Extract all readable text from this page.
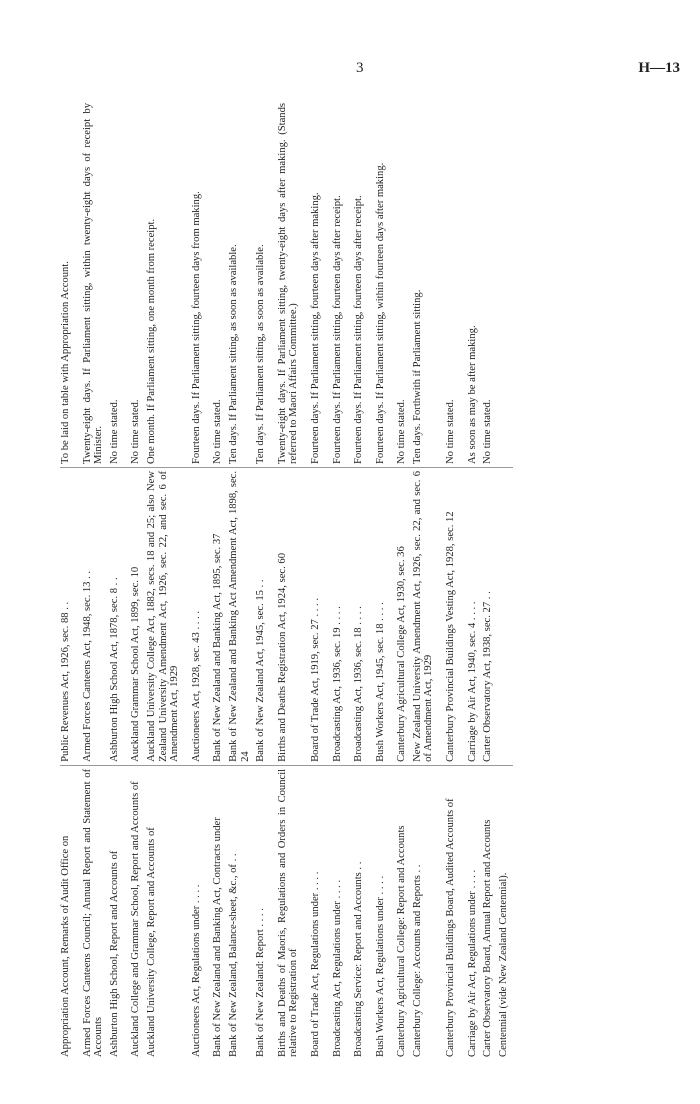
3	H—13
Appropriation Account, Remarks of Audit Office on	Public Revenues Act, 1926, sec. 88 . .	To be laid on table with Appropriation Account.
Armed Forces Canteens Council; Annual Report and Statement of Accounts	Armed Forces Canteens Act, 1948, sec. 13 . .	Twenty-eight days. If Parliament sitting, within twenty-eight days of receipt by Minister.
Ashburton High School, Report and Accounts of	Ashburton High School Act, 1878, sec. 8 . .	No time stated.
Auckland College and Grammar School, Report and Accounts of	Auckland Grammar School Act, 1899, sec. 10	No time stated.
Auckland University College, Report and Accounts of	Auckland University College Act, 1882, secs. 18 and 25; also New Zealand University Amendment Act, 1926, sec. 22, and sec. 6 of Amendment Act, 1929	One month. If Parliament sitting, one month from receipt.
Auctioneers Act, Regulations under . . . .	Auctioneers Act, 1928, sec. 43 . . . .	Fourteen days. If Parliament sitting, fourteen days from making.
Bank of New Zealand and Banking Act, Contracts under	Bank of New Zealand and Banking Act, 1895, sec. 37	No time stated.
Bank of New Zealand, Balance-sheet, &c., of . .	Bank of New Zealand and Banking Act Amendment Act, 1898, sec. 24	Ten days. If Parliament sitting, as soon as available.
Bank of New Zealand: Report . . . .	Bank of New Zealand Act, 1945, sec. 15 . .	Ten days. If Parliament sitting, as soon as available.
Births and Deaths of Maoris, Regulations and Orders in Council relative to Registration of	Births and Deaths Registration Act, 1924, sec. 60	Twenty-eight days. If Parliament sitting, twenty-eight days after making. (Stands referred to Maori Affairs Committee.)
Board of Trade Act, Regulations under . . . .	Board of Trade Act, 1919, sec. 27 . . . .	Fourteen days. If Parliament sitting, fourteen days after making.
Broadcasting Act, Regulations under . . . .	Broadcasting Act, 1936, sec. 19 . . . .	Fourteen days. If Parliament sitting, fourteen days after receipt.
Broadcasting Service: Report and Accounts . .	Broadcasting Act, 1936, sec. 18 . . . .	Fourteen days. If Parliament sitting, fourteen days after receipt.
Bush Workers Act, Regulations under . . . .	Bush Workers Act, 1945, sec. 18 . . . .	Fourteen days. If Parliament sitting, within fourteen days after making.
Canterbury Agricultural College: Report and Accounts	Canterbury Agricultural College Act, 1930, sec. 36	No time stated.
Canterbury College: Accounts and Reports . .	New Zealand University Amendment Act, 1926, sec. 22, and sec. 6 of Amendment Act, 1929	Ten days. Forthwith if Parliament sitting.
Canterbury Provincial Buildings Board, Audited Accounts of	Canterbury Provincial Buildings Vesting Act, 1928, sec. 12	No time stated.
Carriage by Air Act, Regulations under . . . .	Carriage by Air Act, 1940, sec. 4 . . . .	As soon as may be after making.
Carter Observatory Board, Annual Report and Accounts	Carter Observatory Act, 1938, sec. 27 . .	No time stated.
Centennial (vide New Zealand Centennial).		
